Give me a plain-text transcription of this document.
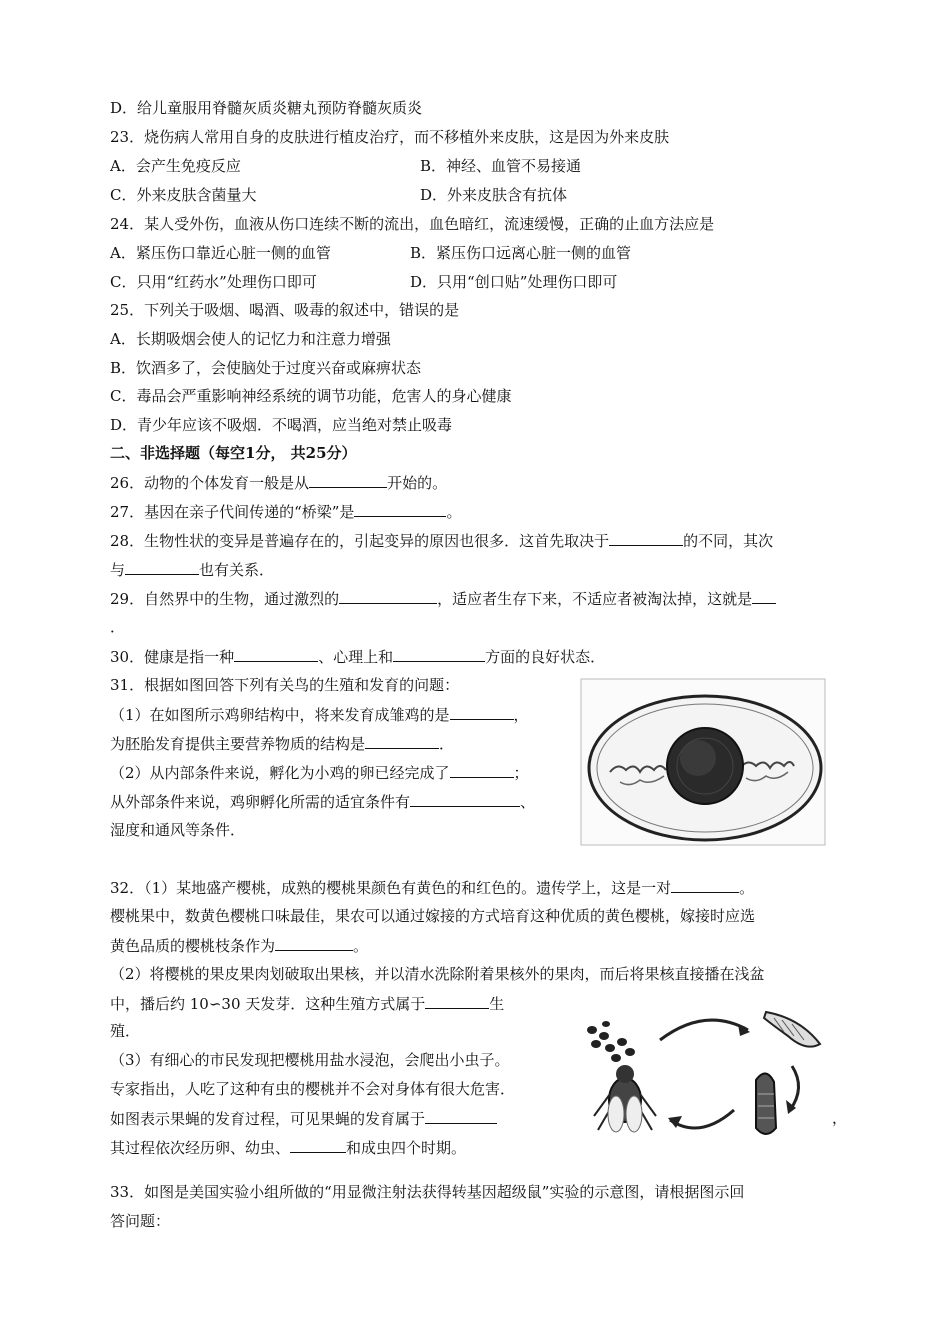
D．给儿童服用脊髓灰质炎糖丸预防脊髓灰质炎
23．烧伤病人常用自身的皮肤进行植皮治疗，而不移植外来皮肤，这是因为外来皮肤
A．会产生免疫反应	B．神经、血管不易接通
C．外来皮肤含菌量大	D．外来皮肤含有抗体
24．某人受外伤，血液从伤口连续不断的流出，血色暗红，流速缓慢，正确的止血方法应是
A．紧压伤口靠近心脏一侧的血管	B．紧压伤口远离心脏一侧的血管
C．只用“红药水”处理伤口即可	D．只用“创口贴”处理伤口即可
25．下列关于吸烟、喝酒、吸毒的叙述中，错误的是
A．长期吸烟会使人的记忆力和注意力增强
B．饮酒多了，会使脑处于过度兴奋或麻痹状态
C．毒品会严重影响神经系统的调节功能，危害人的身心健康
D．青少年应该不吸烟．不喝酒，应当绝对禁止吸毒
二、非选择题（每空1分， 共25分）
26．动物的个体发育一般是从	开始的。
27．基因在亲子代间传递的“桥梁”是	。
28．生物性状的变异是普遍存在的，引起变异的原因也很多．这首先取决于	的不同，其次
与	也有关系．
29．自然界中的生物，通过激烈的	，适应者生存下来，不适应者被淘汰掉，这就是
．
30．健康是指一种	、心理上和	方面的良好状态．
31．根据如图回答下列有关鸟的生殖和发育的问题：
（1）在如图所示鸡卵结构中，将来发育成雏鸡的是	，
为胚胎发育提供主要营养物质的结构是	．
（2）从内部条件来说，孵化为小鸡的卵已经完成了	；
从外部条件来说，鸡卵孵化所需的适宜条件有	、
湿度和通风等条件．
32．（1）某地盛产樱桃，成熟的樱桃果颜色有黄色的和红色的。遗传学上，这是一对	。
樱桃果中，数黄色樱桃口味最佳，果农可以通过嫁接的方式培育这种优质的黄色樱桃，嫁接时应选
黄色品质的樱桃枝条作为	。
（2）将樱桃的果皮果肉划破取出果核，并以清水洗除附着果核外的果肉，而后将果核直接播在浅盆
中，播后约 10∽30 天发芽．这种生殖方式属于	生
殖．
（3）有细心的市民发现把樱桃用盐水浸泡，会爬出小虫子。
专家指出，人吃了这种有虫的樱桃并不会对身体有很大危害．
如图表示果蝇的发育过程，可见果蝇的发育属于	，
其过程依次经历卵、幼虫、	和成虫四个时期。
33．如图是美国实验小组所做的“用显微注射法获得转基因超级鼠”实验的示意图，请根据图示回
答问题：
